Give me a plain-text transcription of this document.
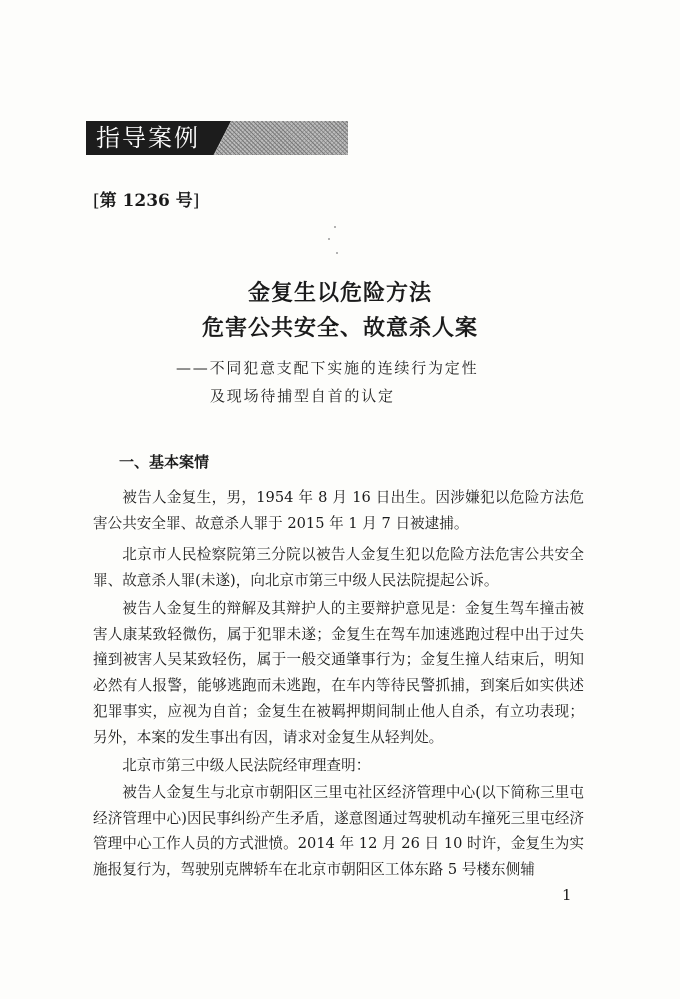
指导案例
[第 1236 号]
金复生以危险方法
危害公共安全、故意杀人案
——不同犯意支配下实施的连续行为定性
及现场待捕型自首的认定
一、基本案情

被告人金复生，男，1954 年 8 月 16 日出生。因涉嫌犯以危险方法危害公共安全罪、故意杀人罪于 2015 年 1 月 7 日被逮捕。

北京市人民检察院第三分院以被告人金复生犯以危险方法危害公共安全罪、故意杀人罪(未遂)，向北京市第三中级人民法院提起公诉。

被告人金复生的辩解及其辩护人的主要辩护意见是：金复生驾车撞击被害人康某致轻微伤，属于犯罪未遂；金复生在驾车加速逃跑过程中出于过失撞到被害人吴某致轻伤，属于一般交通肇事行为；金复生撞人结束后，明知必然有人报警，能够逃跑而未逃跑，在车内等待民警抓捕，到案后如实供述犯罪事实，应视为自首；金复生在被羁押期间制止他人自杀，有立功表现；另外，本案的发生事出有因，请求对金复生从轻判处。

北京市第三中级人民法院经审理查明：

被告人金复生与北京市朝阳区三里屯社区经济管理中心(以下简称三里屯经济管理中心)因民事纠纷产生矛盾，遂意图通过驾驶机动车撞死三里屯经济管理中心工作人员的方式泄愤。2014 年 12 月 26 日 10 时许，金复生为实施报复行为，驾驶别克牌轿车在北京市朝阳区工体东路 5 号楼东侧辅

1
